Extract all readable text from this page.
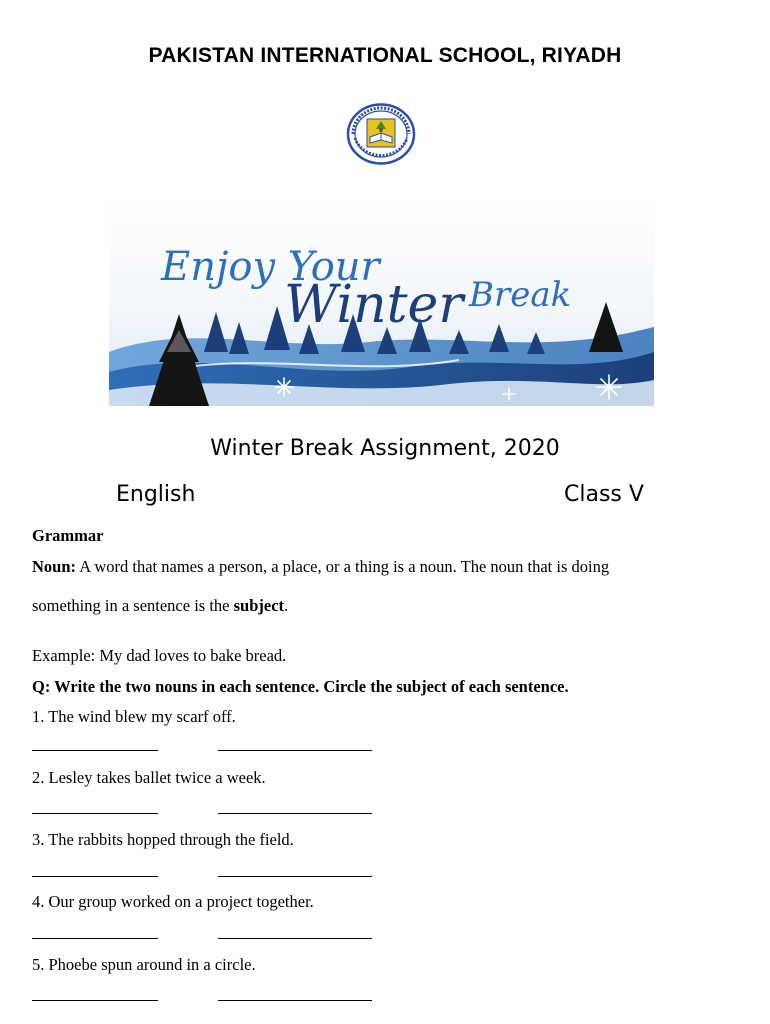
PAKISTAN INTERNATIONAL SCHOOL, RIYADH
Enjoy Your
Winter Break
Winter Break Assignment, 2020
English	Class V
Grammar
Noun: A word that names a person, a place, or a thing is a noun. The noun that is doing
something in a sentence is the subject.
Example: My dad loves to bake bread.
Q: Write the two nouns in each sentence. Circle the subject of each sentence.
1. The wind blew my scarf off.
2. Lesley takes ballet twice a week.
3. The rabbits hopped through the field.
4. Our group worked on a project together.
5. Phoebe spun around in a circle.
